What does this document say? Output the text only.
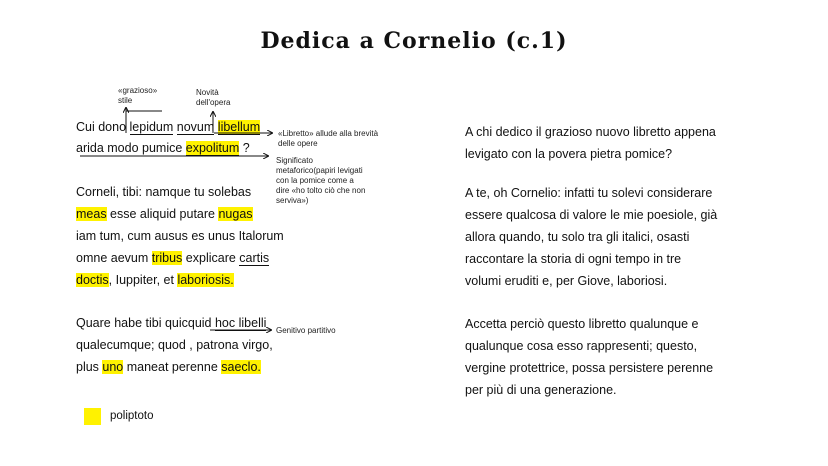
Dedica a Cornelio (c.1)
Cui dono lepidum novum libellum
arida modo pumice expolitum ?
Corneli, tibi: namque tu solebas
meas esse aliquid putare nugas
iam tum, cum ausus es unus Italorum
omne aevum tribus explicare cartis
doctis, Iuppiter, et laboriosis.
Quare habe tibi quicquid hoc libelli
qualecumque; quod , patrona virgo,
plus uno maneat perenne saeclo.
«grazioso»
stile
Novità
dell'opera
«Libretto» allude alla brevità
delle opere
Significato
metaforico(papiri levigati
con la pomice come a
dire «ho tolto ciò che non
serviva»)
Genitivo partitivo
A chi dedico il grazioso nuovo libretto appena
levigato con la povera pietra pomice?
A te, oh Cornelio: infatti tu solevi considerare
essere qualcosa di valore le mie poesiole, già
allora quando, tu solo tra gli italici, osasti
raccontare la storia di ogni tempo in tre
volumi eruditi e, per Giove, laboriosi.
Accetta perciò questo libretto qualunque e
qualunque cosa esso rappresenti; questo,
vergine protettrice, possa persistere perenne
per più di una generazione.
poliptoto
